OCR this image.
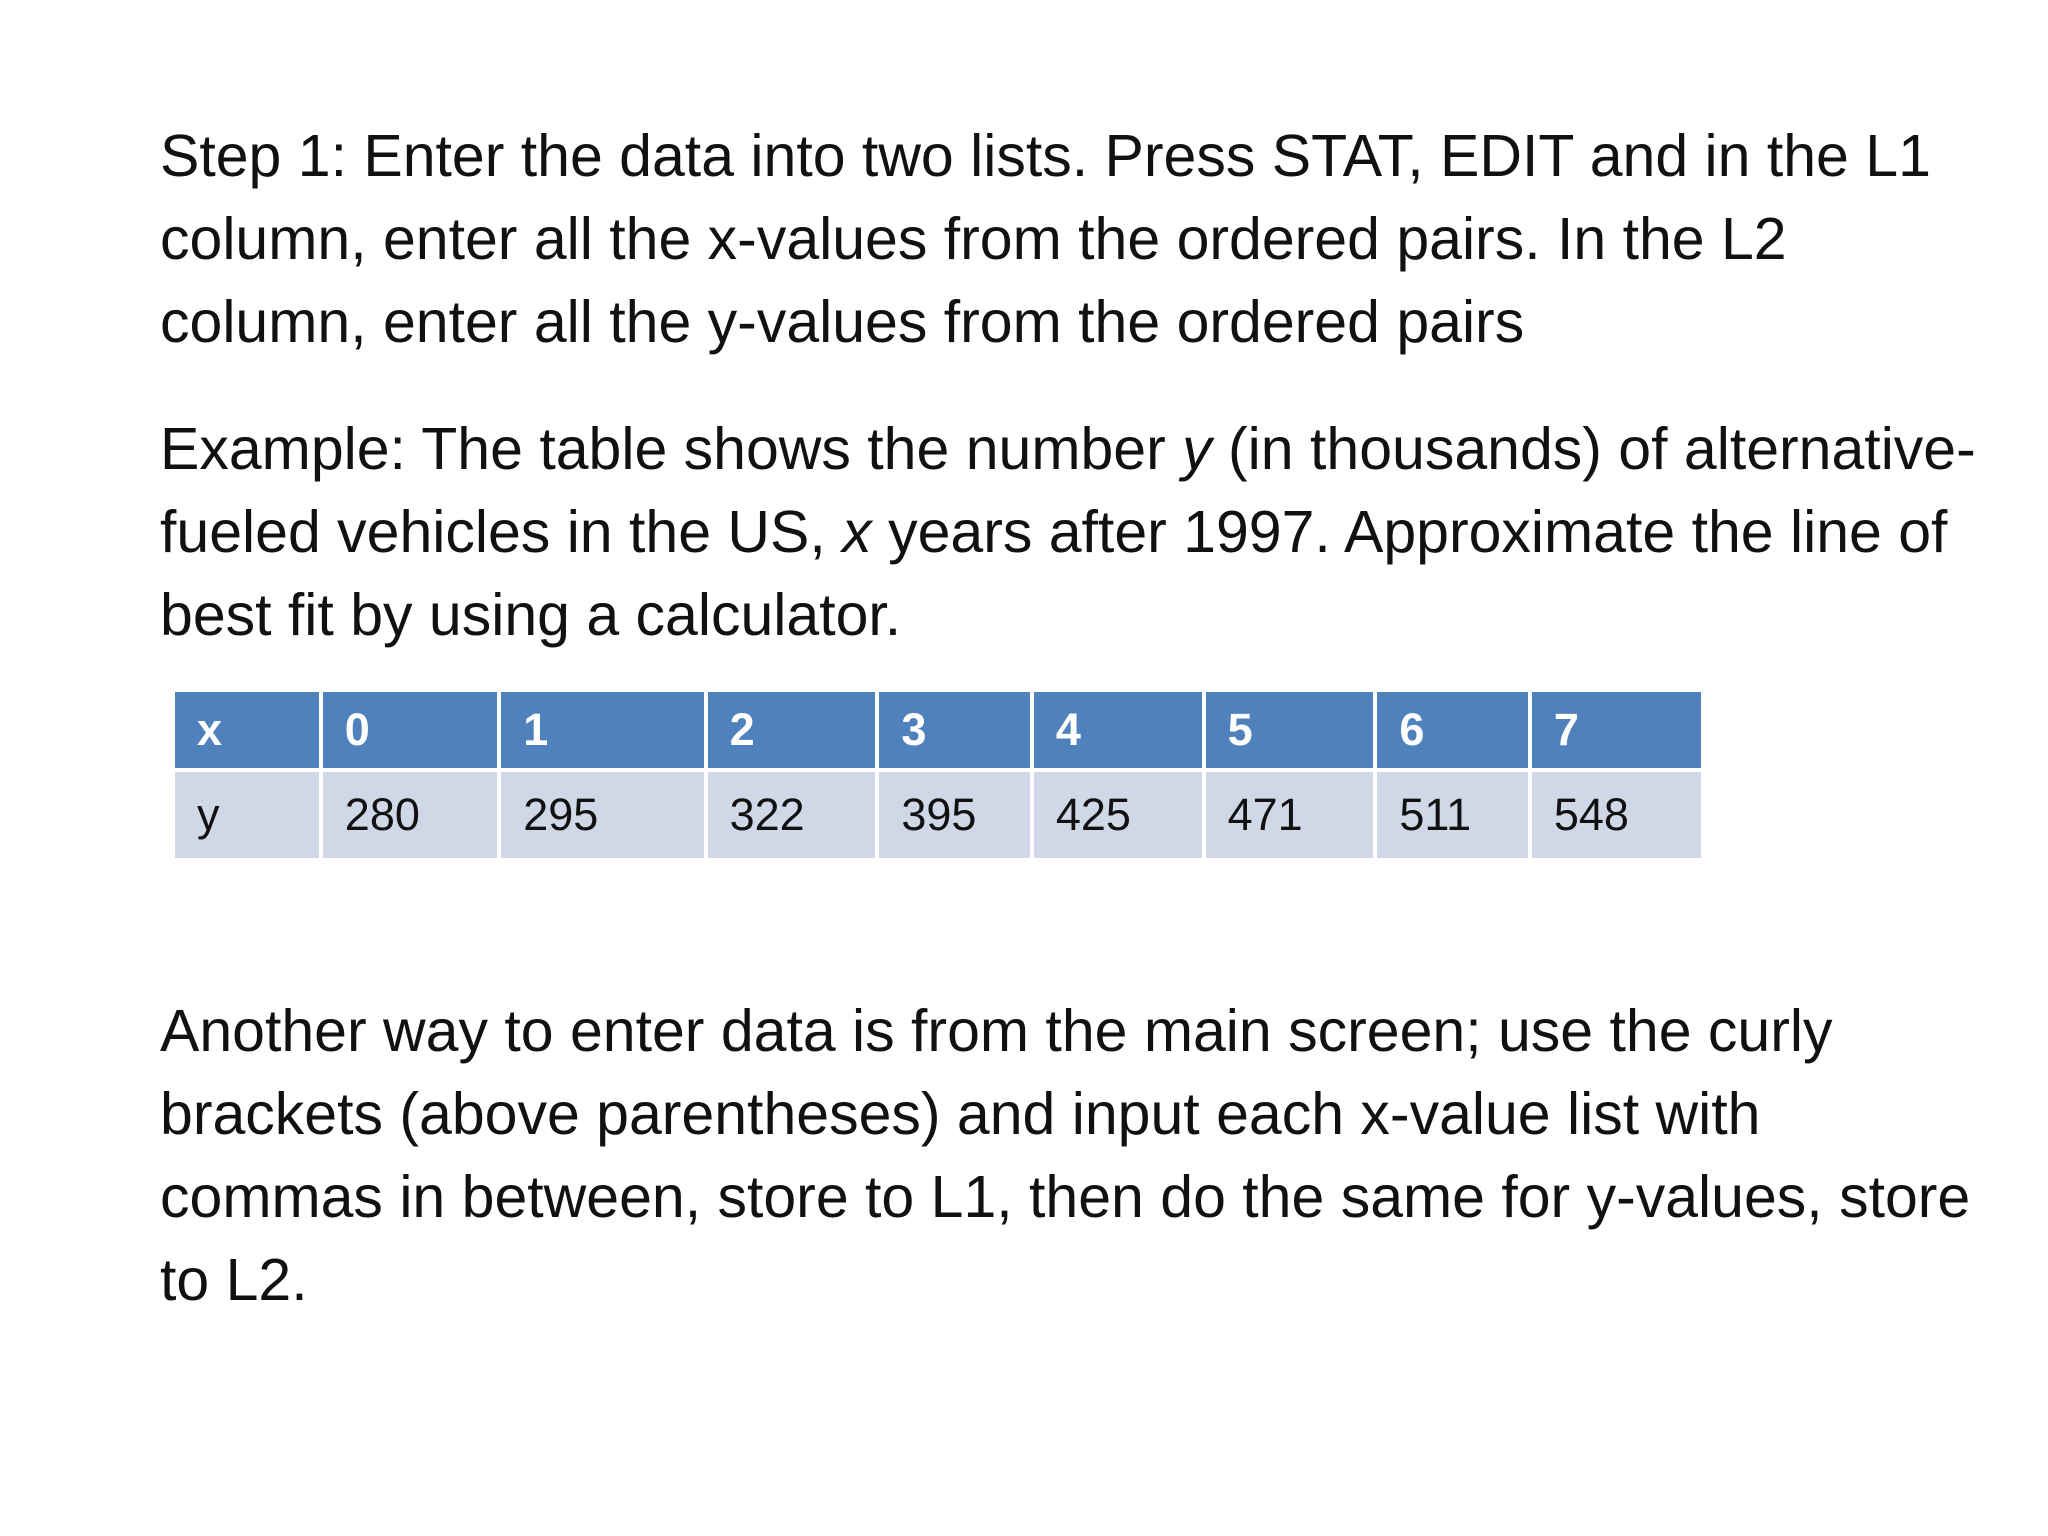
Step 1: Enter the data into two lists. Press STAT, EDIT and in the L1 column, enter all the x-values from the ordered pairs. In the L2 column, enter all the y-values from the ordered pairs

Example: The table shows the number y (in thousands) of alternative-fueled vehicles in the US, x years after 1997. Approximate the line of best fit by using a calculator.

x	0	1	2	3	4	5	6	7
y	280	295	322	395	425	471	511	548

Another way to enter data is from the main screen; use the curly brackets (above parentheses) and input each x-value list with commas in between, store to L1, then do the same for y-values, store to L2.
